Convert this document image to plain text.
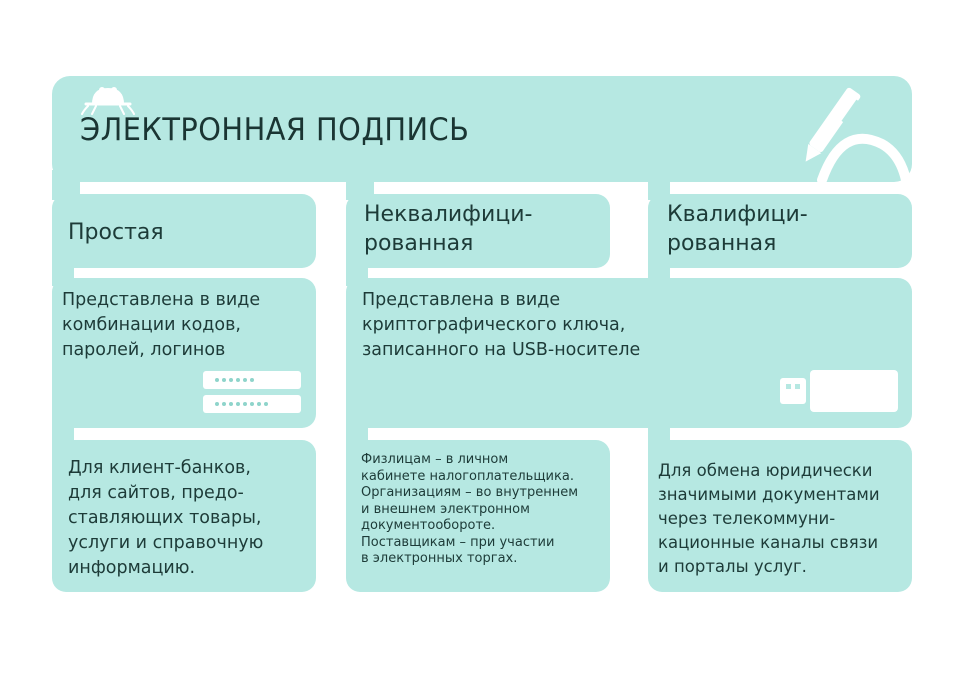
ЭЛЕКТРОННАЯ ПОДПИСЬ
Простая
Неквалифици-
рованная
Квалифици-
рованная
Представлена в виде
комбинации кодов,
паролей, логинов
Представлена в виде
криптографического ключа,
записанного на USB-носителе
Для клиент-банков,
для сайтов, предо-
ставляющих товары,
услуги и справочную
информацию.
Физлицам – в личном
кабинете налогоплательщика.
Организациям – во внутреннем
и внешнем электронном
документообороте.
Поставщикам – при участии
в электронных торгах.
Для обмена юридически
значимыми документами
через телекоммуни-
кационные каналы связи
и порталы услуг.
